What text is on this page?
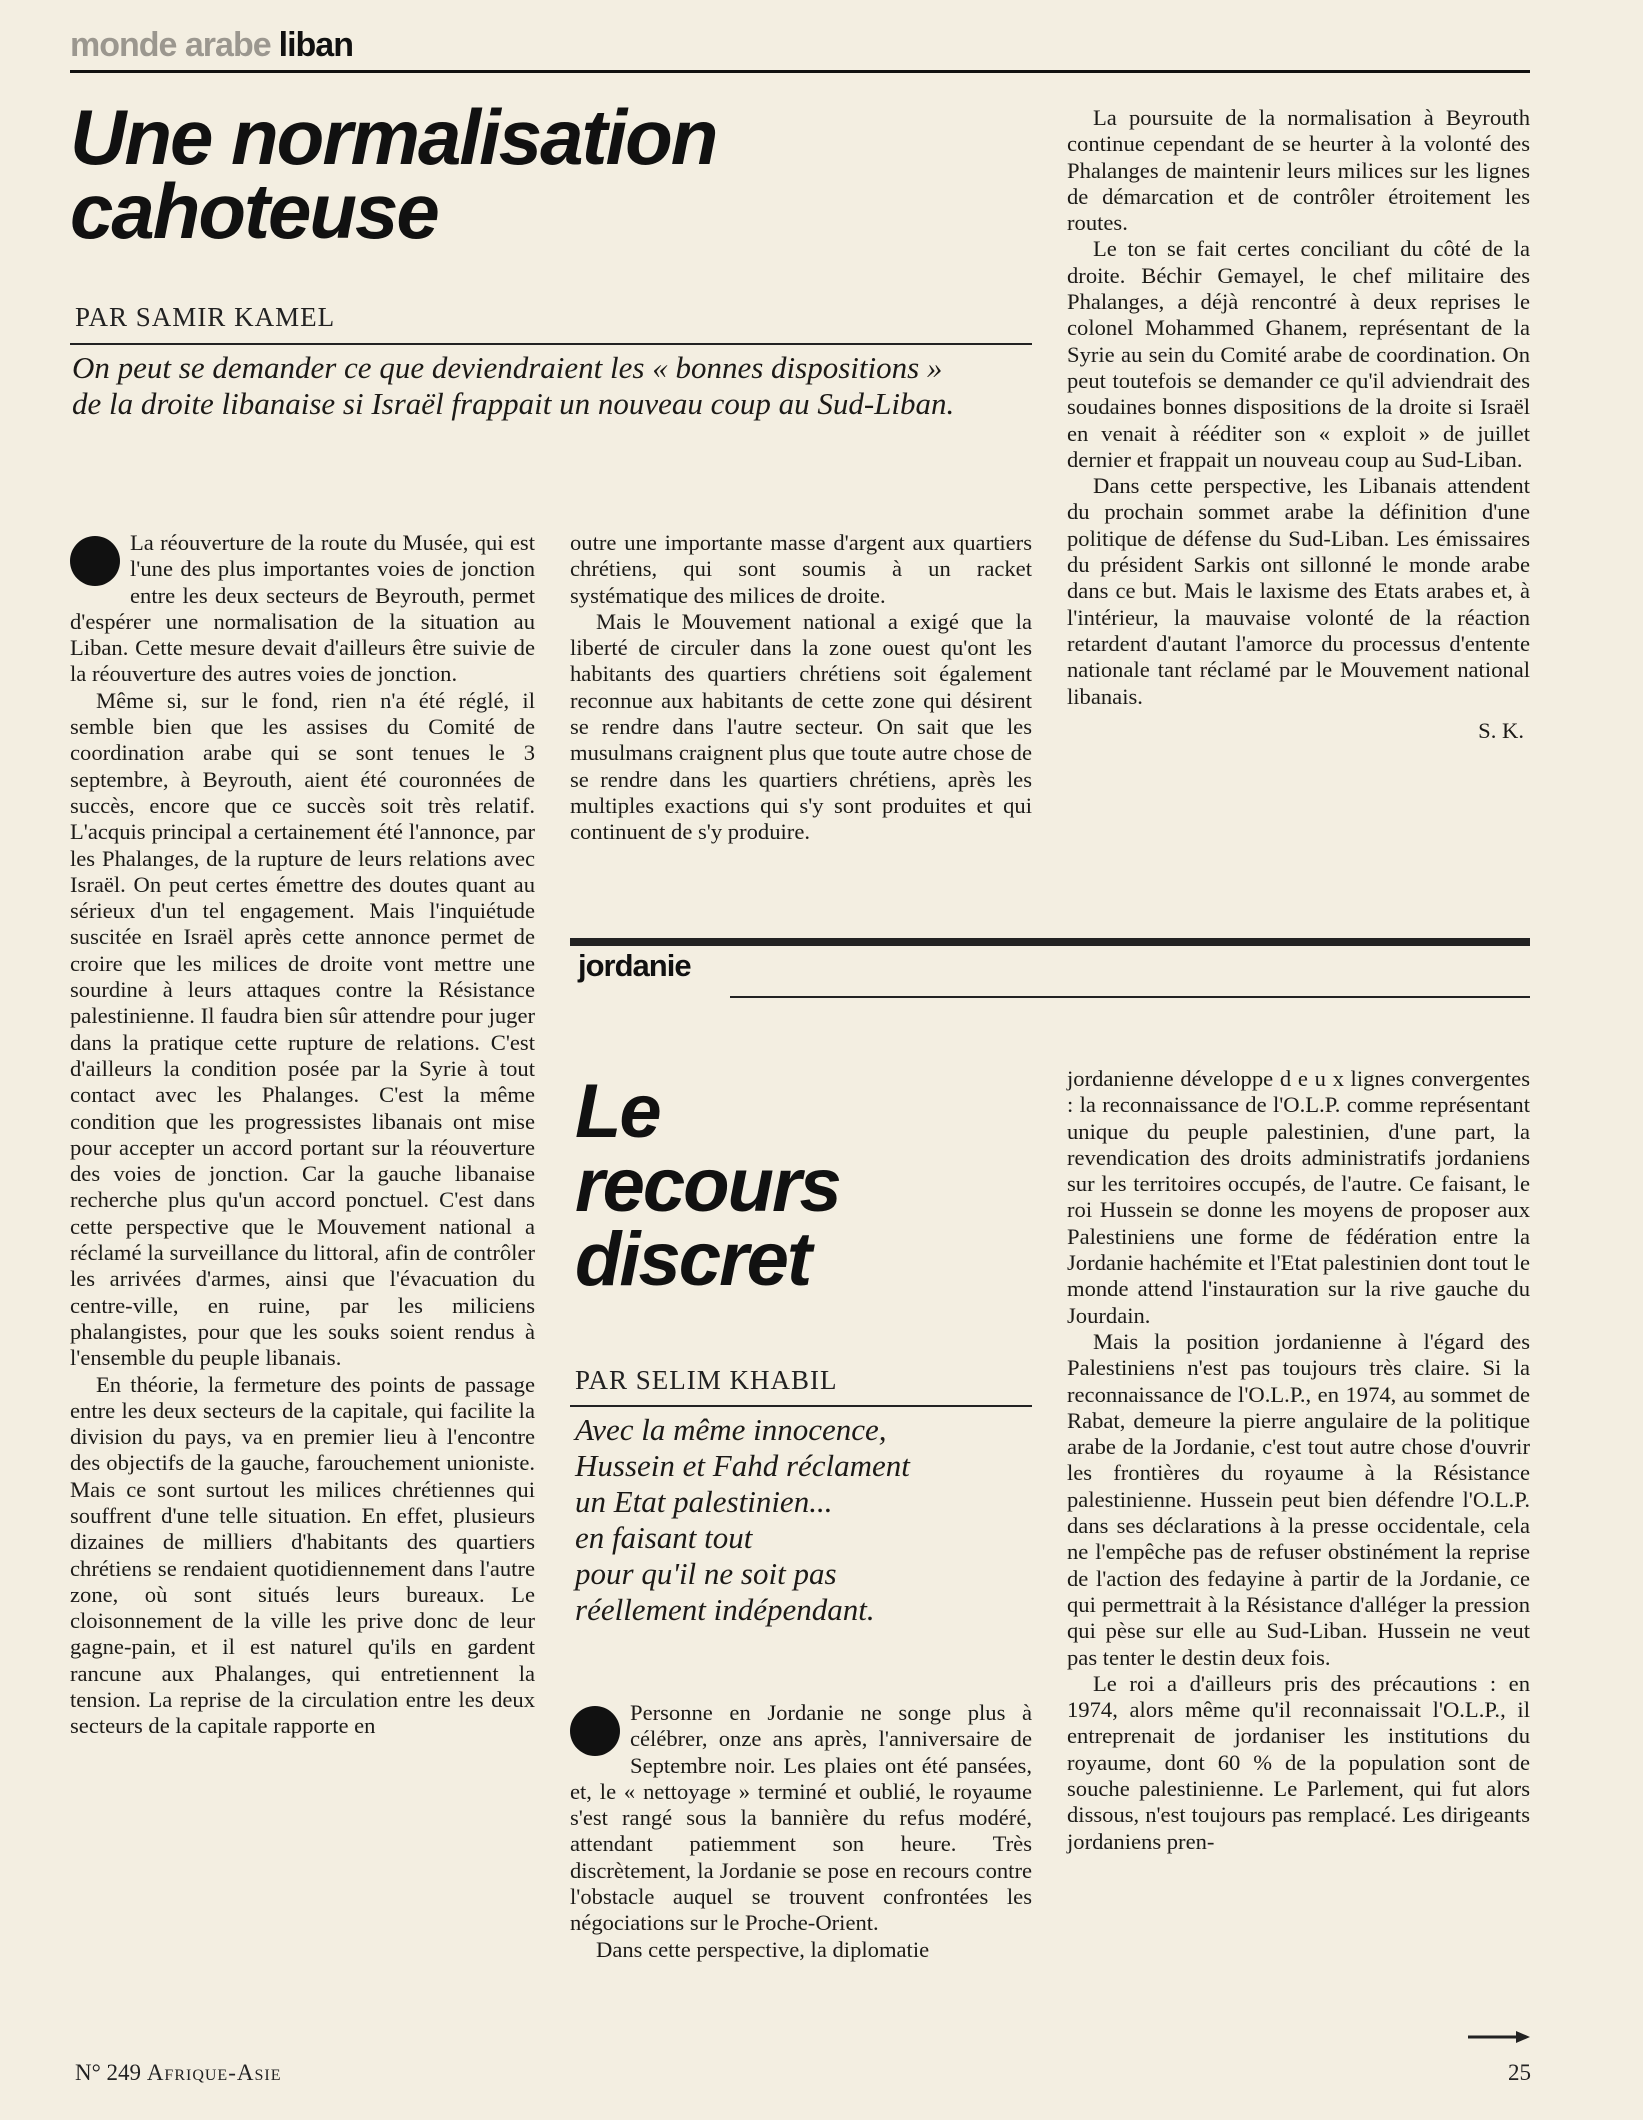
monde arabe liban
Une normalisation cahoteuse
PAR SAMIR KAMEL
On peut se demander ce que deviendraient les « bonnes dispositions » de la droite libanaise si Israël frappait un nouveau coup au Sud-Liban.

La réouverture de la route du Musée, qui est l'une des plus importantes voies de jonction entre les deux secteurs de Beyrouth, permet d'espérer une normalisation de la situation au Liban. Cette mesure devait d'ailleurs être suivie de la réouverture des autres voies de jonction.

Même si, sur le fond, rien n'a été réglé, il semble bien que les assises du Comité de coordination arabe qui se sont tenues le 3 septembre, à Beyrouth, aient été couronnées de succès, encore que ce succès soit très relatif. L'acquis principal a certainement été l'annonce, par les Phalanges, de la rupture de leurs relations avec Israël. On peut certes émettre des doutes quant au sérieux d'un tel engagement. Mais l'inquiétude suscitée en Israël après cette annonce permet de croire que les milices de droite vont mettre une sourdine à leurs attaques contre la Résistance palestinienne. Il faudra bien sûr attendre pour juger dans la pratique cette rupture de relations. C'est d'ailleurs la condition posée par la Syrie à tout contact avec les Phalanges. C'est la même condition que les progressistes libanais ont mise pour accepter un accord portant sur la réouverture des voies de jonction. Car la gauche libanaise recherche plus qu'un accord ponctuel. C'est dans cette perspective que le Mouvement national a réclamé la surveillance du littoral, afin de contrôler les arrivées d'armes, ainsi que l'évacuation du centre-ville, en ruine, par les miliciens phalangistes, pour que les souks soient rendus à l'ensemble du peuple libanais.

En théorie, la fermeture des points de passage entre les deux secteurs de la capitale, qui facilite la division du pays, va en premier lieu à l'encontre des objectifs de la gauche, farouchement unioniste. Mais ce sont surtout les milices chrétiennes qui souffrent d'une telle situation. En effet, plusieurs dizaines de milliers d'habitants des quartiers chrétiens se rendaient quotidiennement dans l'autre zone, où sont situés leurs bureaux. Le cloisonnement de la ville les prive donc de leur gagne-pain, et il est naturel qu'ils en gardent rancune aux Phalanges, qui entretiennent la tension. La reprise de la circulation entre les deux secteurs de la capitale rapporte en

outre une importante masse d'argent aux quartiers chrétiens, qui sont soumis à un racket systématique des milices de droite.

Mais le Mouvement national a exigé que la liberté de circuler dans la zone ouest qu'ont les habitants des quartiers chrétiens soit également reconnue aux habitants de cette zone qui désirent se rendre dans l'autre secteur. On sait que les musulmans craignent plus que toute autre chose de se rendre dans les quartiers chrétiens, après les multiples exactions qui s'y sont produites et qui continuent de s'y produire.

La poursuite de la normalisation à Beyrouth continue cependant de se heurter à la volonté des Phalanges de maintenir leurs milices sur les lignes de démarcation et de contrôler étroitement les routes.

Le ton se fait certes conciliant du côté de la droite. Béchir Gemayel, le chef militaire des Phalanges, a déjà rencontré à deux reprises le colonel Mohammed Ghanem, représentant de la Syrie au sein du Comité arabe de coordination. On peut toutefois se demander ce qu'il adviendrait des soudaines bonnes dispositions de la droite si Israël en venait à rééditer son « exploit » de juillet dernier et frappait un nouveau coup au Sud-Liban.

Dans cette perspective, les Libanais attendent du prochain sommet arabe la définition d'une politique de défense du Sud-Liban. Les émissaires du président Sarkis ont sillonné le monde arabe dans ce but. Mais le laxisme des Etats arabes et, à l'intérieur, la mauvaise volonté de la réaction retardent d'autant l'amorce du processus d'entente nationale tant réclamé par le Mouvement national libanais.

S. K.

jordanie
Le
recours
discret
PAR SELIM KHABIL
Avec la même innocence,
Hussein et Fahd réclament
un Etat palestinien...
en faisant tout
pour qu'il ne soit pas
réellement indépendant.

Personne en Jordanie ne songe plus à célébrer, onze ans après, l'anniversaire de Septembre noir. Les plaies ont été pansées, et, le « nettoyage » terminé et oublié, le royaume s'est rangé sous la bannière du refus modéré, attendant patiemment son heure. Très discrètement, la Jordanie se pose en recours contre l'obstacle auquel se trouvent confrontées les négociations sur le Proche-Orient.

Dans cette perspective, la diplomatie

jordanienne développe d e u x lignes convergentes : la reconnaissance de l'O.L.P. comme représentant unique du peuple palestinien, d'une part, la revendication des droits administratifs jordaniens sur les territoires occupés, de l'autre. Ce faisant, le roi Hussein se donne les moyens de proposer aux Palestiniens une forme de fédération entre la Jordanie hachémite et l'Etat palestinien dont tout le monde attend l'instauration sur la rive gauche du Jourdain.

Mais la position jordanienne à l'égard des Palestiniens n'est pas toujours très claire. Si la reconnaissance de l'O.L.P., en 1974, au sommet de Rabat, demeure la pierre angulaire de la politique arabe de la Jordanie, c'est tout autre chose d'ouvrir les frontières du royaume à la Résistance palestinienne. Hussein peut bien défendre l'O.L.P. dans ses déclarations à la presse occidentale, cela ne l'empêche pas de refuser obstinément la reprise de l'action des fedayine à partir de la Jordanie, ce qui permettrait à la Résistance d'alléger la pression qui pèse sur elle au Sud-Liban. Hussein ne veut pas tenter le destin deux fois.

Le roi a d'ailleurs pris des précautions : en 1974, alors même qu'il reconnaissait l'O.L.P., il entreprenait de jordaniser les institutions du royaume, dont 60 % de la population sont de souche palestinienne. Le Parlement, qui fut alors dissous, n'est toujours pas remplacé. Les dirigeants jordaniens pren-

N° 249 Afrique-Asie	25
